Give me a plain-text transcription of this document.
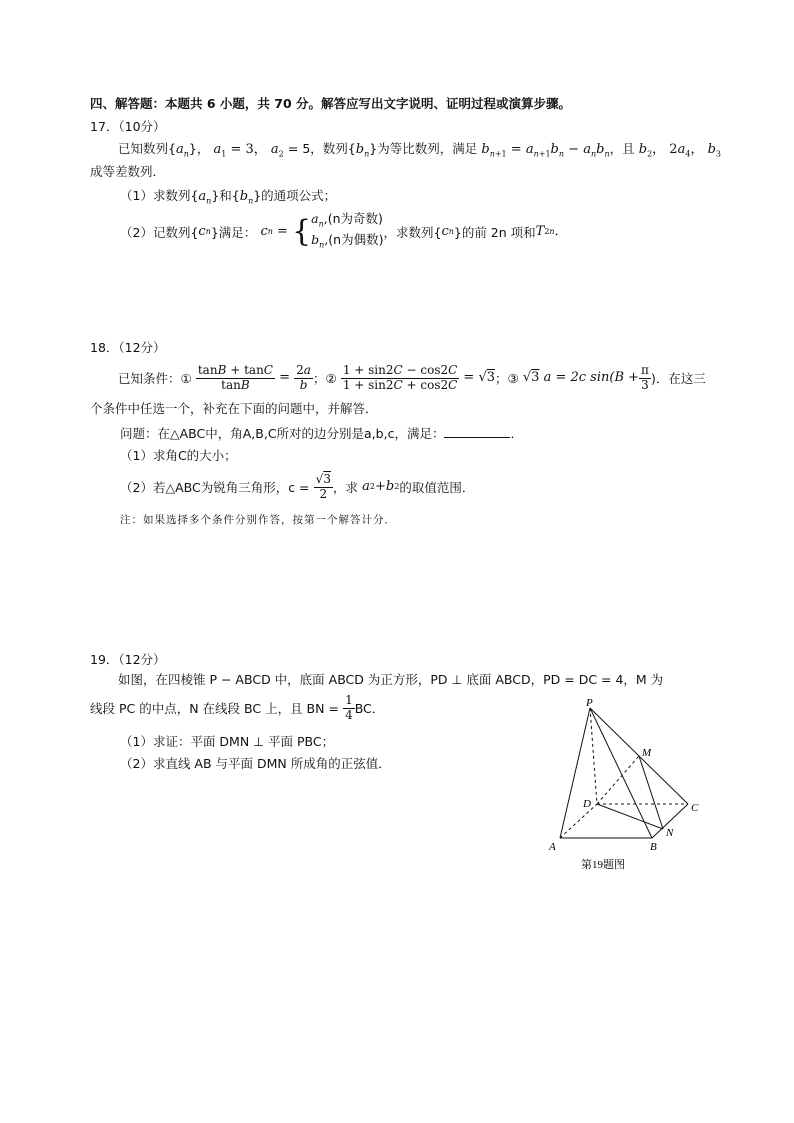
四、解答题：本题共 6 小题，共 70 分。解答应写出文字说明、证明过程或演算步骤。
17．（10分）
已知数列$\{a_n\}$， $a_1 = 3$， $a_2 = 5$，数列$\{b_n\}$为等比数列，满足 $b_{n+1} = a_{n+1}b_n - a_nb_n$，且 $b_2$， $2a_4$， $b_3$
成等差数列．
（1）求数列$\{a_n\}$和$\{b_n\}$的通项公式；
（2）记数列{ c n }满足：
c n = { $a_n,(n$为奇数)
$b_n,(n$为偶数) ，求数列{ c n }的前 2n 项和 T 2n ．
18．（12分）
已知条件：①
$\frac{\tan B + \tan C}{\tan B} = \frac{2a}{b}$ ；②
$\frac{1 + \sin 2C - \cos 2C}{1 + \sin 2C + \cos 2C}$ = √ 3 ；③ √ 3
a = 2c $\sin(B + \frac{\pi}{3}$ )．在这三
个条件中任选一个，补充在下面的问题中，并解答．
问题：在△ABC中，角A,B,C所对的边分别是a,b,c，满足：	．
（1）求角C的大小；
（2）若△ABC为锐角三角形，c =
$\frac{√3}{2}$ ，求
a 2 + b 2 的取值范围．
注：如果选择多个条件分别作答，按第一个解答计分．
19．（12分）
如图，在四棱锥 P − ABCD 中，底面 ABCD 为正方形，PD ⊥ 底面 ABCD，PD = DC = 4，M 为
线段 PC 的中点，N 在线段 BC 上，且 BN =
$\frac{1}{4}$ BC．
（1）求证：平面 DMN ⊥ 平面 PBC；
（2）求直线 AB 与平面 DMN 所成角的正弦值．
P
M
D	C
N
A	B
第19题图
